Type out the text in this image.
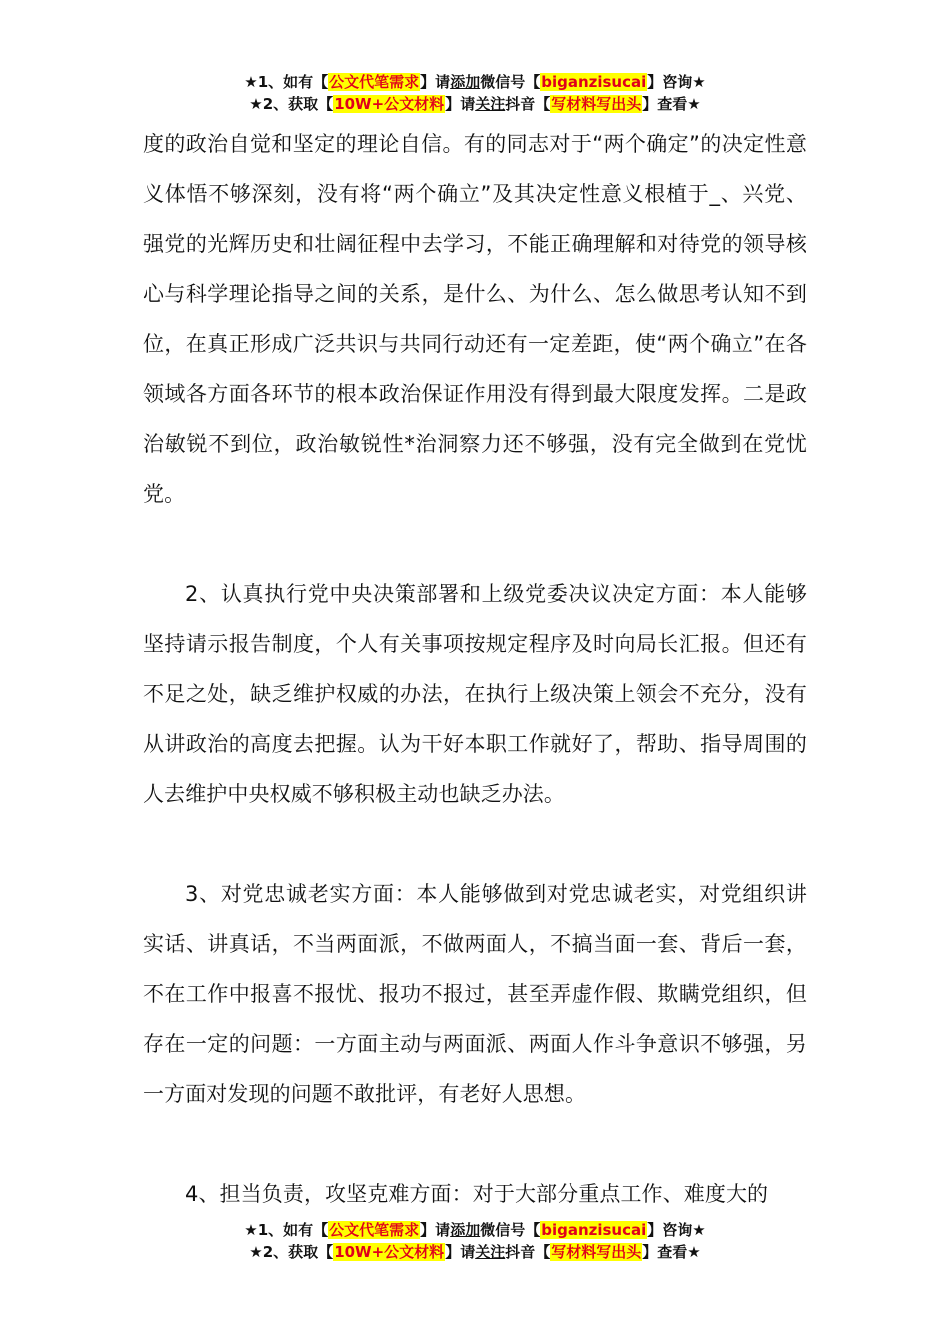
★1、如有【公文代笔需求】请添加微信号【biganzisucai】咨询★
★2、获取【10W+公文材料】请关注抖音【写材料写出头】查看★

度的政治自觉和坚定的理论自信。有的同志对于“两个确定”的决定性意义体悟不够深刻，没有将“两个确立”及其决定性意义根植于_、兴党、强党的光辉历史和壮阔征程中去学习，不能正确理解和对待党的领导核心与科学理论指导之间的关系，是什么、为什么、怎么做思考认知不到位，在真正形成广泛共识与共同行动还有一定差距，使“两个确立”在各领域各方面各环节的根本政治保证作用没有得到最大限度发挥。二是政治敏锐不到位，政治敏锐性*治洞察力还不够强，没有完全做到在党忧党。

2、认真执行党中央决策部署和上级党委决议决定方面：本人能够坚持请示报告制度，个人有关事项按规定程序及时向局长汇报。但还有不足之处，缺乏维护权威的办法，在执行上级决策上领会不充分，没有从讲政治的高度去把握。认为干好本职工作就好了，帮助、指导周围的人去维护中央权威不够积极主动也缺乏办法。

3、对党忠诚老实方面：本人能够做到对党忠诚老实，对党组织讲实话、讲真话，不当两面派，不做两面人，不搞当面一套、背后一套，不在工作中报喜不报忧、报功不报过，甚至弄虚作假、欺瞒党组织，但存在一定的问题：一方面主动与两面派、两面人作斗争意识不够强，另一方面对发现的问题不敢批评，有老好人思想。

4、担当负责，攻坚克难方面：对于大部分重点工作、难度大的

★1、如有【公文代笔需求】请添加微信号【biganzisucai】咨询★
★2、获取【10W+公文材料】请关注抖音【写材料写出头】查看★
